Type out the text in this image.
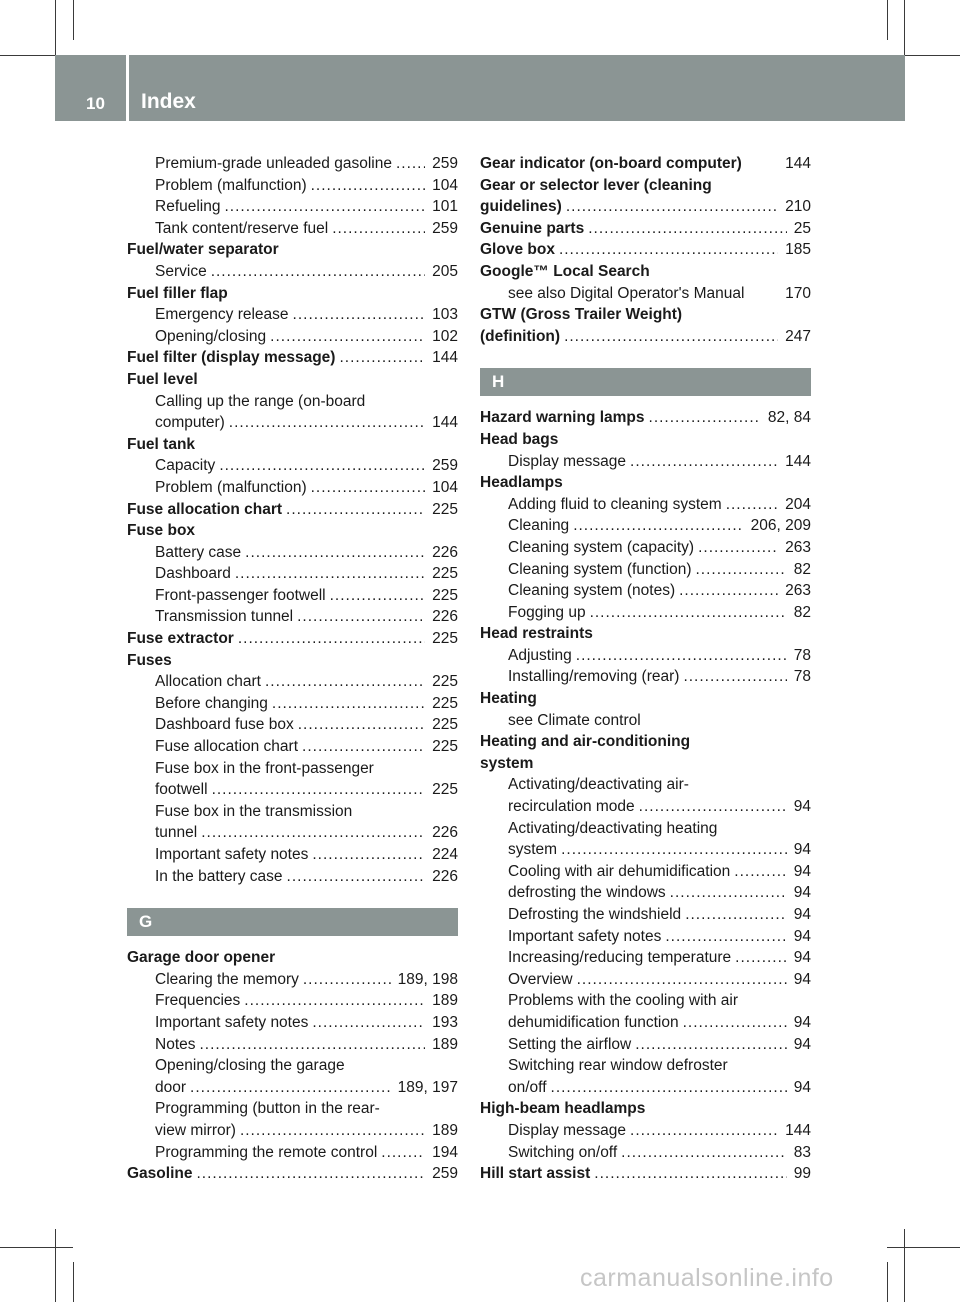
10 Index
Premium-grade unleaded gasoline .....	259
Problem (malfunction) .....	104
Refueling .....	101
Tank content/reserve fuel .....	259
Fuel/water separator
Service .....	205
Fuel filler flap
Emergency release .....	103
Opening/closing .....	102
Fuel filter (display message) .....	144
Fuel level
Calling up the range (on-board
computer) .....	144
Fuel tank
Capacity .....	259
Problem (malfunction) .....	104
Fuse allocation chart .....	225
Fuse box
Battery case .....	226
Dashboard .....	225
Front-passenger footwell .....	225
Transmission tunnel .....	226
Fuse extractor .....	225
Fuses
Allocation chart .....	225
Before changing .....	225
Dashboard fuse box .....	225
Fuse allocation chart .....	225
Fuse box in the front-passenger
footwell .....	225
Fuse box in the transmission
tunnel .....	226
Important safety notes .....	224
In the battery case .....	226
G
Garage door opener
Clearing the memory .....	189, 198
Frequencies .....	189
Important safety notes .....	193
Notes .....	189
Opening/closing the garage
door .....	189, 197
Programming (button in the rear-
view mirror) .....	189
Programming the remote control .....	194
Gasoline .....	259
Gear indicator (on-board computer)	144
Gear or selector lever (cleaning
guidelines) .....	210
Genuine parts .....	25
Glove box .....	185
Google™ Local Search
see also Digital Operator's Manual	170
GTW (Gross Trailer Weight)
(definition) .....	247
H
Hazard warning lamps .....	82, 84
Head bags
Display message .....	144
Headlamps
Adding fluid to cleaning system .....	204
Cleaning .....	206, 209
Cleaning system (capacity) .....	263
Cleaning system (function) .....	82
Cleaning system (notes) .....	263
Fogging up .....	82
Head restraints
Adjusting .....	78
Installing/removing (rear) .....	78
Heating
see Climate control
Heating and air-conditioning
system
Activating/deactivating air-
recirculation mode .....	94
Activating/deactivating heating
system .....	94
Cooling with air dehumidification .....	94
defrosting the windows .....	94
Defrosting the windshield .....	94
Important safety notes .....	94
Increasing/reducing temperature .....	94
Overview .....	94
Problems with the cooling with air
dehumidification function .....	94
Setting the airflow .....	94
Switching rear window defroster
on/off .....	94
High-beam headlamps
Display message .....	144
Switching on/off .....	83
Hill start assist .....	99
carmanualsonline.info
